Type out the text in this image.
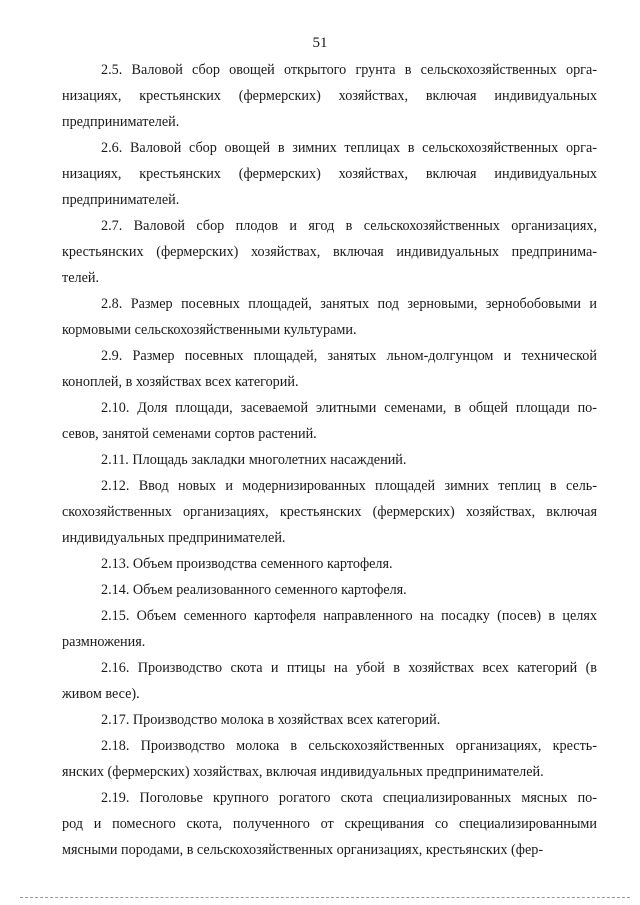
51
2.5. Валовой сбор овощей открытого грунта в сельскохозяйственных орга-
низациях, крестьянских (фермерских) хозяйствах, включая индивидуальных
предпринимателей.
2.6. Валовой сбор овощей в зимних теплицах в сельскохозяйственных орга-
низациях, крестьянских (фермерских) хозяйствах, включая индивидуальных
предпринимателей.
2.7. Валовой сбор плодов и ягод в сельскохозяйственных организациях,
крестьянских (фермерских) хозяйствах, включая индивидуальных предпринима-
телей.
2.8. Размер посевных площадей, занятых под зерновыми, зернобобовыми и
кормовыми сельскохозяйственными культурами.
2.9. Размер посевных площадей, занятых льном-долгунцом и технической
коноплей, в хозяйствах всех категорий.
2.10. Доля площади, засеваемой элитными семенами, в общей площади по-
севов, занятой семенами сортов растений.
2.11. Площадь закладки многолетних насаждений.
2.12. Ввод новых и модернизированных площадей зимних теплиц в сель-
скохозяйственных организациях, крестьянских (фермерских) хозяйствах, включая
индивидуальных предпринимателей.
2.13. Объем производства семенного картофеля.
2.14. Объем реализованного семенного картофеля.
2.15. Объем семенного картофеля направленного на посадку (посев) в целях
размножения.
2.16. Производство скота и птицы на убой в хозяйствах всех категорий (в
живом весе).
2.17. Производство молока в хозяйствах всех категорий.
2.18. Производство молока в сельскохозяйственных организациях, кресть-
янских (фермерских) хозяйствах, включая индивидуальных предпринимателей.
2.19. Поголовье крупного рогатого скота специализированных мясных по-
род и помесного скота, полученного от скрещивания со специализированными
мясными породами, в сельскохозяйственных организациях, крестьянских (фер-
